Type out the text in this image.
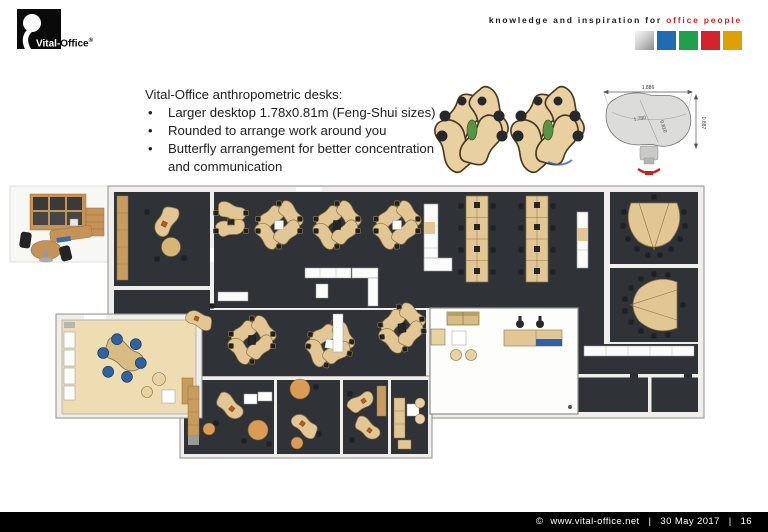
Vital-Office®
knowledge and inspiration for office people
Vital-Office anthropometric desks:
•	Larger desktop 1.78x0.81m (Feng-Shui sizes)
•	Rounded to arrange work around you
•	Butterfly arrangement for better concentration and communication
1.886
0.887
1.780
0.810
© www.vital-office.net | 30 May 2017 | 16
